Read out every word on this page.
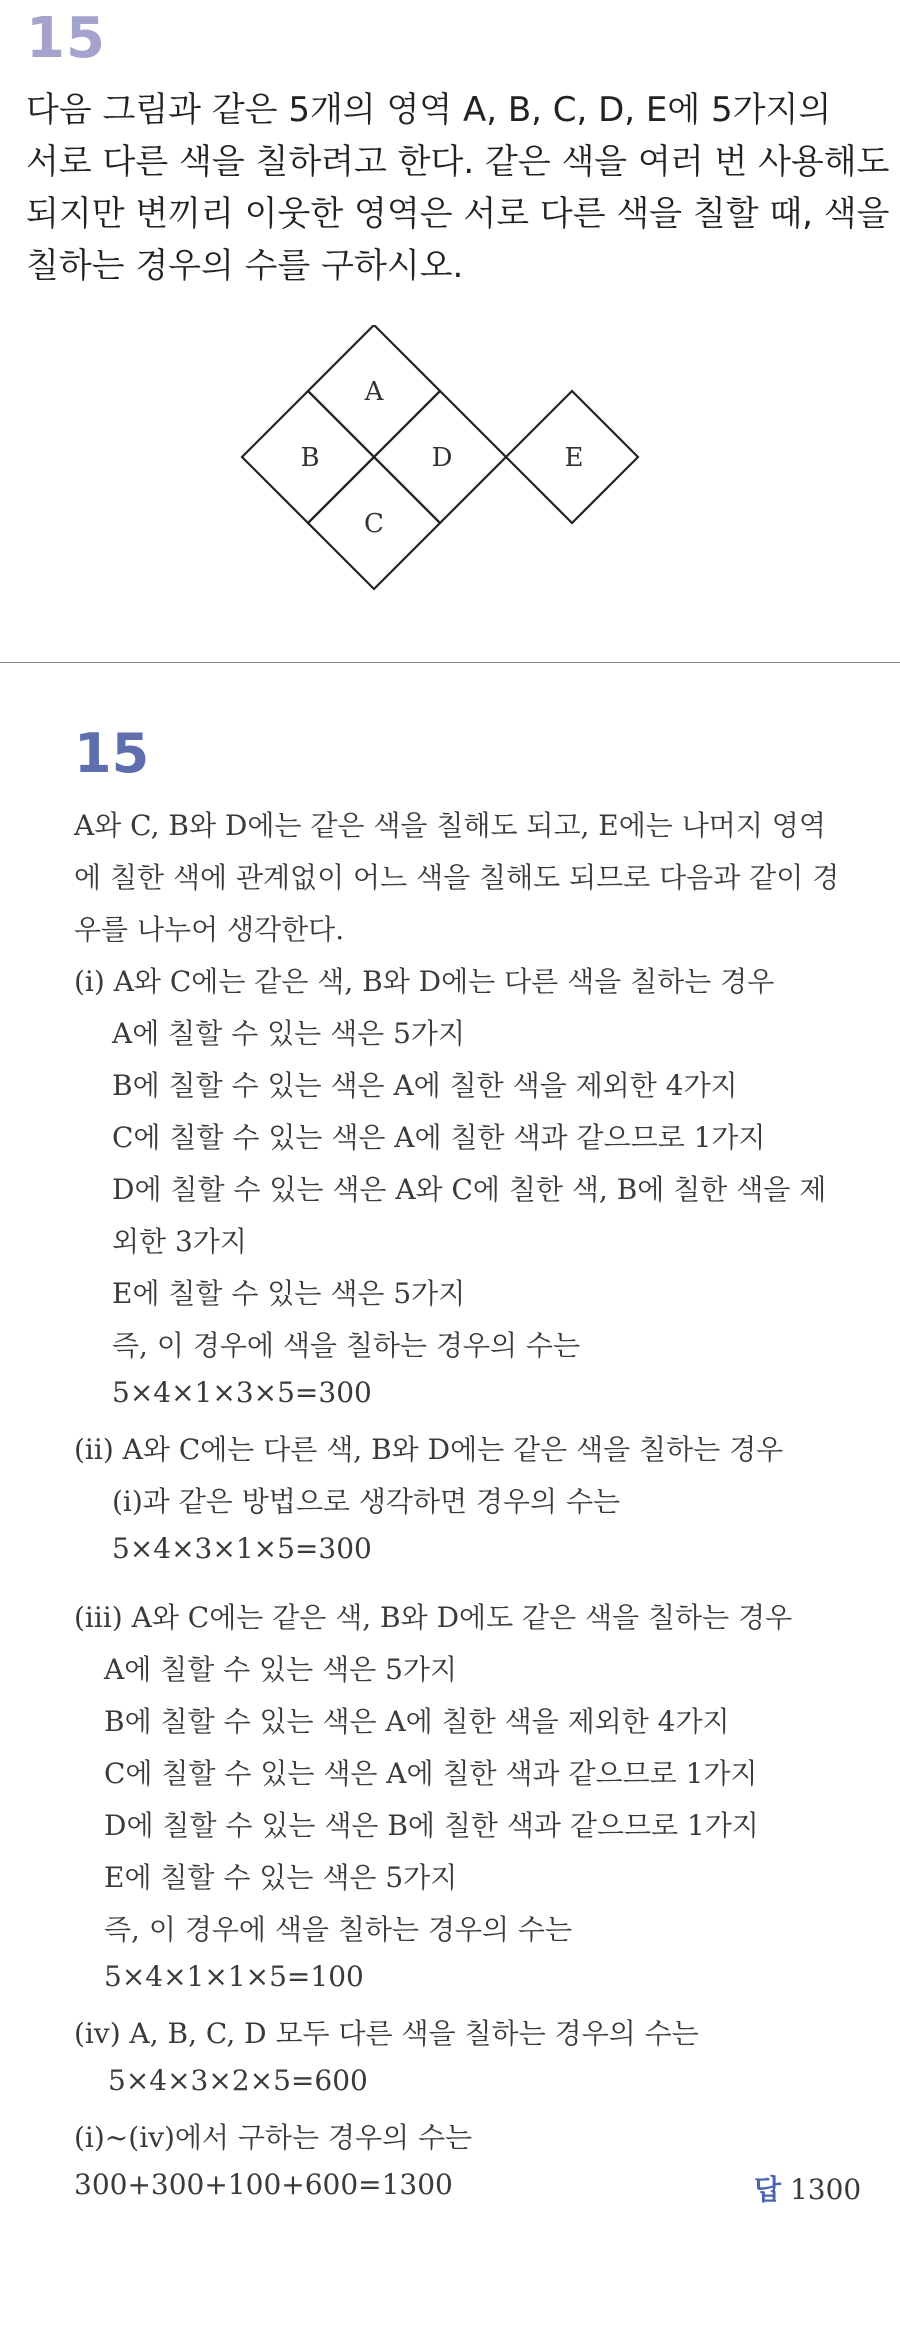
15

다음 그림과 같은 5개의 영역 A, B, C, D, E에 5가지의

서로 다른 색을 칠하려고 한다. 같은 색을 여러 번 사용해도

되지만 변끼리 이웃한 영역은 서로 다른 색을 칠할 때, 색을

칠하는 경우의 수를 구하시오.

A
B	D
C
E
15
A와 C, B와 D에는 같은 색을 칠해도 되고, E에는 나머지 영역
에 칠한 색에 관계없이 어느 색을 칠해도 되므로 다음과 같이 경
우를 나누어 생각한다.
(ⅰ) A와 C에는 같은 색, B와 D에는 다른 색을 칠하는 경우
A에 칠할 수 있는 색은 5가지
B에 칠할 수 있는 색은 A에 칠한 색을 제외한 4가지
C에 칠할 수 있는 색은 A에 칠한 색과 같으므로 1가지
D에 칠할 수 있는 색은 A와 C에 칠한 색, B에 칠한 색을 제
외한 3가지
E에 칠할 수 있는 색은 5가지
즉, 이 경우에 색을 칠하는 경우의 수는
5×4×1×3×5=300
(ⅱ) A와 C에는 다른 색, B와 D에는 같은 색을 칠하는 경우
(ⅰ)과 같은 방법으로 생각하면 경우의 수는
5×4×3×1×5=300
(ⅲ) A와 C에는 같은 색, B와 D에도 같은 색을 칠하는 경우
A에 칠할 수 있는 색은 5가지
B에 칠할 수 있는 색은 A에 칠한 색을 제외한 4가지
C에 칠할 수 있는 색은 A에 칠한 색과 같으므로 1가지
D에 칠할 수 있는 색은 B에 칠한 색과 같으므로 1가지
E에 칠할 수 있는 색은 5가지
즉, 이 경우에 색을 칠하는 경우의 수는
5×4×1×1×5=100
(ⅳ) A, B, C, D 모두 다른 색을 칠하는 경우의 수는
5×4×3×2×5=600
(ⅰ)~(ⅳ)에서 구하는 경우의 수는
300+300+100+600=1300	답 1300
